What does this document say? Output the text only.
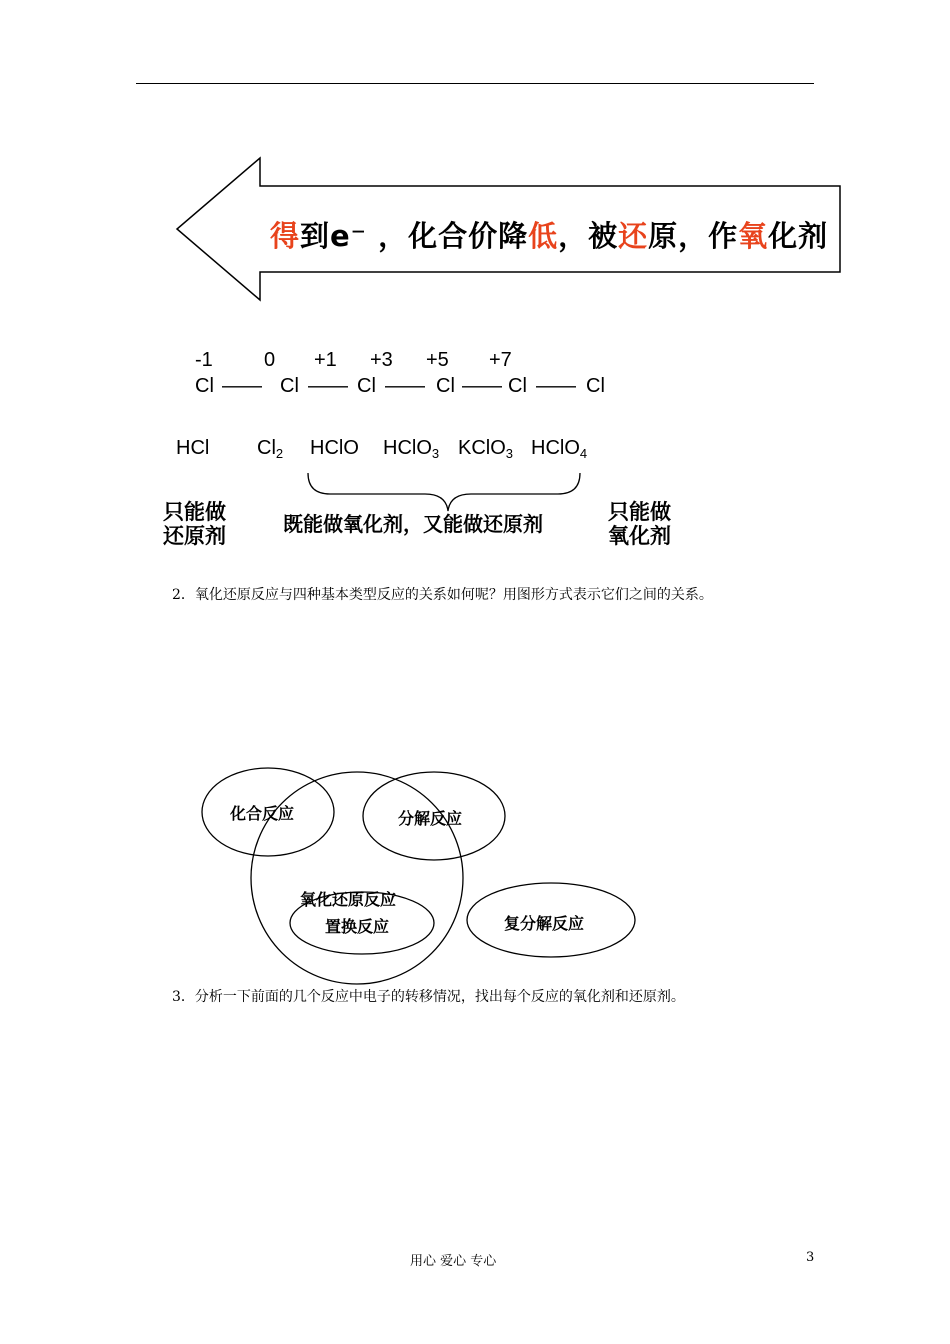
得到e⁻ ，化合价降低，被还原，作氧化剂
-1	0 +1 +3 +5 +7
Cl —— Cl —— Cl —— Cl —— Cl —— Cl
HCl $Cl_2$ HClO HClO$_3$ KClO$_3$ HClO$_4$
只能做
还原剂	既能做氧化剂，又能做还原剂	只能做
氧化剂
2．氧化还原反应与四种基本类型反应的关系如何呢？用图形方式表示它们之间的关系。
化合反应	分解反应
氧化还原反应
置换反应	复分解反应
3．分析一下前面的几个反应中电子的转移情况，找出每个反应的氧化剂和还原剂。
用心 爱心 专心	3
